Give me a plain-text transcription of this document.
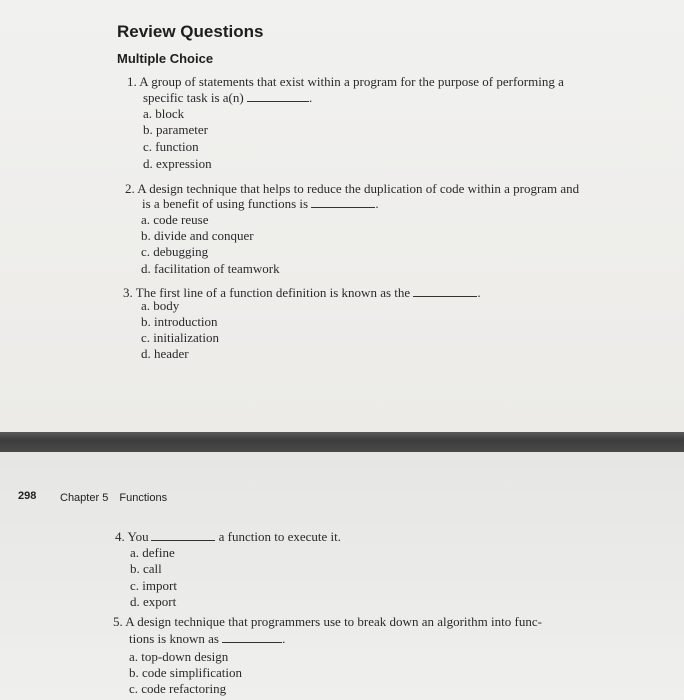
Review Questions
Multiple Choice
1. A group of statements that exist within a program for the purpose of performing a
specific task is a(n)	.
a. block
b. parameter
c. function
d. expression
2. A design technique that helps to reduce the duplication of code within a program and
is a benefit of using functions is	.
a. code reuse
b. divide and conquer
c. debugging
d. facilitation of teamwork
3. The first line of a function definition is known as the	.
a. body
b. introduction
c. initialization
d. header
298 Chapter 5 Functions
4. You	a function to execute it.
a. define
b. call
c. import
d. export
5. A design technique that programmers use to break down an algorithm into func-
tions is known as	.
a. top-down design
b. code simplification
c. code refactoring
